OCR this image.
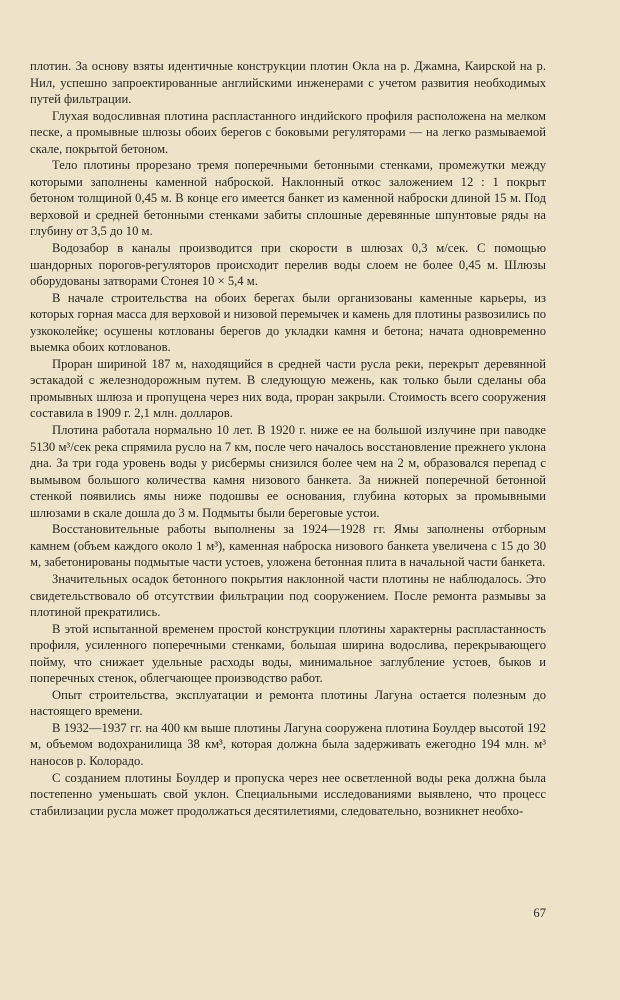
плотин. За основу взяты идентичные конструкции плотин Окла на р. Джамна, Каирской на р. Нил, успешно запроектированные английскими инженерами с учетом развития необходимых путей фильтрации.

Глухая водосливная плотина распластанного индийского профиля расположена на мелком песке, а промывные шлюзы обоих берегов с боковыми регуляторами — на легко размываемой скале, покрытой бетоном.

Тело плотины прорезано тремя поперечными бетонными стенками, промежутки между которыми заполнены каменной наброской. Наклонный откос заложением 12 : 1 покрыт бетоном толщиной 0,45 м. В конце его имеется банкет из каменной наброски длиной 15 м. Под верховой и средней бетонными стенками забиты сплошные деревянные шпунтовые ряды на глубину от 3,5 до 10 м.

Водозабор в каналы производится при скорости в шлюзах 0,3 м/сек. С помощью шандорных порогов-регуляторов происходит перелив воды слоем не более 0,45 м. Шлюзы оборудованы затворами Стонея 10 × 5,4 м.

В начале строительства на обоих берегах были организованы каменные карьеры, из которых горная масса для верховой и низовой перемычек и камень для плотины развозились по узкоколейке; осушены котлованы берегов до укладки камня и бетона; начата одновременно выемка обоих котлованов.

Проран шириной 187 м, находящийся в средней части русла реки, перекрыт деревянной эстакадой с железнодорожным путем. В следующую межень, как только были сделаны оба промывных шлюза и пропущена через них вода, проран закрыли. Стоимость всего сооружения составила в 1909 г. 2,1 млн. долларов.

Плотина работала нормально 10 лет. В 1920 г. ниже ее на большой излучине при паводке 5130 м³/сек река спрямила русло на 7 км, после чего началось восстановление прежнего уклона дна. За три года уровень воды у рисбермы снизился более чем на 2 м, образовался перепад с вымывом большого количества камня низового банкета. За нижней поперечной бетонной стенкой появились ямы ниже подошвы ее основания, глубина которых за промывными шлюзами в скале дошла до 3 м. Подмыты были береговые устои.

Восстановительные работы выполнены за 1924—1928 гг. Ямы заполнены отборным камнем (объем каждого около 1 м³), каменная наброска низового банкета увеличена с 15 до 30 м, забетонированы подмытые части устоев, уложена бетонная плита в начальной части банкета.

Значительных осадок бетонного покрытия наклонной части плотины не наблюдалось. Это свидетельствовало об отсутствии фильтрации под сооружением. После ремонта размывы за плотиной прекратились.

В этой испытанной временем простой конструкции плотины характерны распластанность профиля, усиленного поперечными стенками, большая ширина водослива, перекрывающего пойму, что снижает удельные расходы воды, минимальное заглубление устоев, быков и поперечных стенок, облегчающее производство работ.

Опыт строительства, эксплуатации и ремонта плотины Лагуна остается полезным до настоящего времени.

В 1932—1937 гг. на 400 км выше плотины Лагуна сооружена плотина Боулдер высотой 192 м, объемом водохранилища 38 км³, которая должна была задерживать ежегодно 194 млн. м³ наносов р. Колорадо.

С созданием плотины Боулдер и пропуска через нее осветленной воды река должна была постепенно уменьшать свой уклон. Специальными исследованиями выявлено, что процесс стабилизации русла может продолжаться десятилетиями, следовательно, возникнет необхо-

67
